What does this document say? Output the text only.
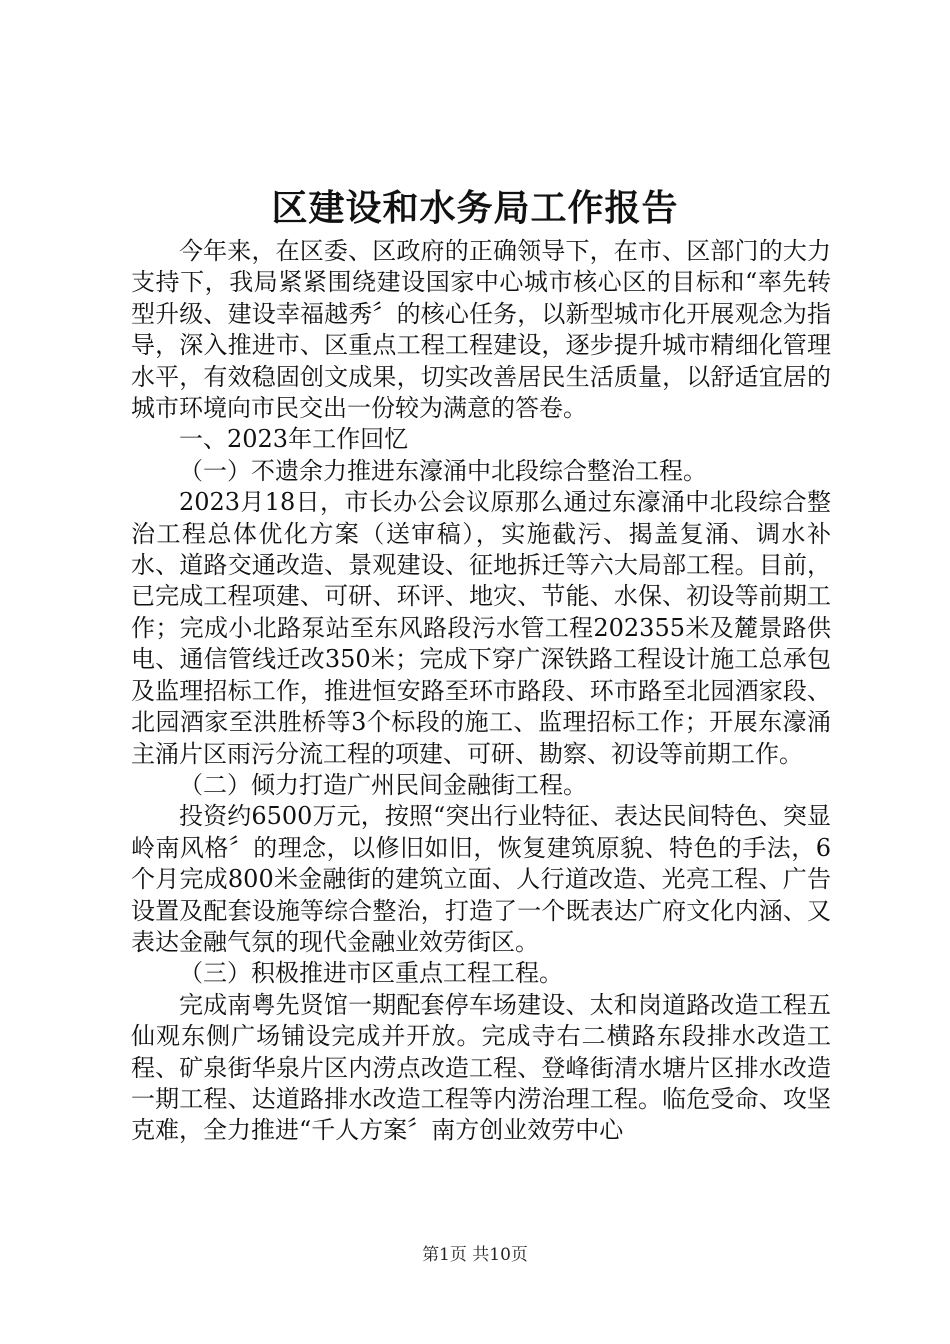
区建设和水务局工作报告

今年来，在区委、区政府的正确领导下，在市、区部门的大力支持下，我局紧紧围绕建设国家中心城市核心区的目标和“率先转型升级、建设幸福越秀〞的核心任务，以新型城市化开展观念为指导，深入推进市、区重点工程工程建设，逐步提升城市精细化管理水平，有效稳固创文成果，切实改善居民生活质量，以舒适宜居的城市环境向市民交出一份较为满意的答卷。

一、2023年工作回忆

（一）不遗余力推进东濠涌中北段综合整治工程。

2023月18日，市长办公会议原那么通过东濠涌中北段综合整治工程总体优化方案（送审稿），实施截污、揭盖复涌、调水补水、道路交通改造、景观建设、征地拆迁等六大局部工程。目前，已完成工程项建、可研、环评、地灾、节能、水保、初设等前期工作；完成小北路泵站至东风路段污水管工程202355米及麓景路供电、通信管线迁改350米；完成下穿广深铁路工程设计施工总承包及监理招标工作，推进恒安路至环市路段、环市路至北园酒家段、北园酒家至洪胜桥等3个标段的施工、监理招标工作；开展东濠涌主涌片区雨污分流工程的项建、可研、勘察、初设等前期工作。

（二）倾力打造广州民间金融街工程。

投资约6500万元，按照“突出行业特征、表达民间特色、突显岭南风格〞的理念，以修旧如旧，恢复建筑原貌、特色的手法，6个月完成800米金融街的建筑立面、人行道改造、光亮工程、广告设置及配套设施等综合整治，打造了一个既表达广府文化内涵、又表达金融气氛的现代金融业效劳街区。

（三）积极推进市区重点工程工程。

完成南粤先贤馆一期配套停车场建设、太和岗道路改造工程五仙观东侧广场铺设完成并开放。完成寺右二横路东段排水改造工程、矿泉街华泉片区内涝点改造工程、登峰街清水塘片区排水改造一期工程、达道路排水改造工程等内涝治理工程。临危受命、攻坚克难，全力推进“千人方案〞南方创业效劳中心

第1页 共10页
